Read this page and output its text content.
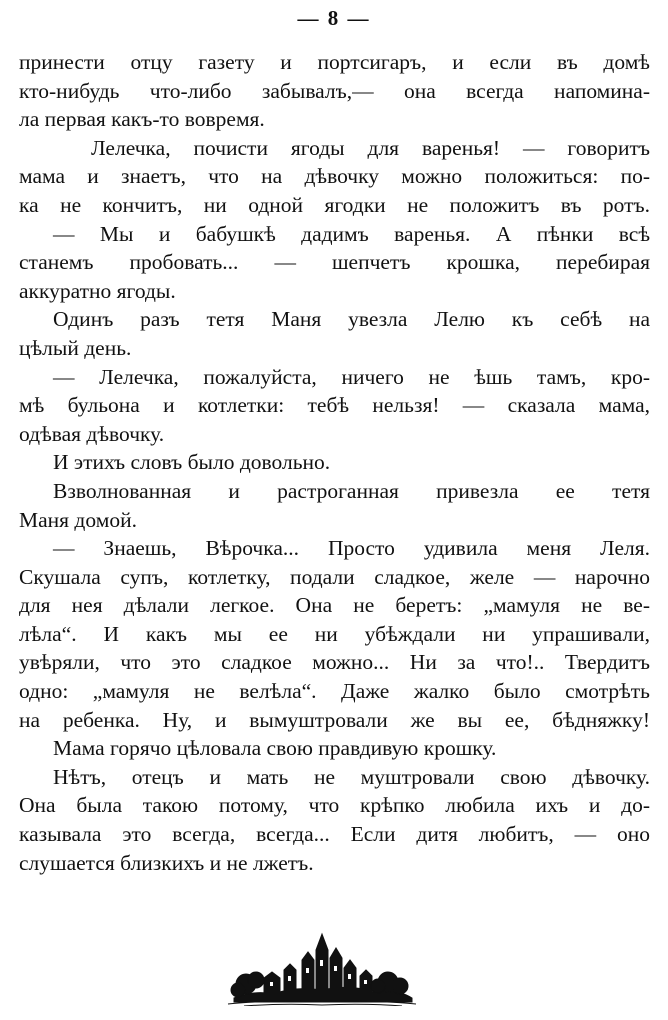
— 8 —
принести отцу газету и портсигаръ, и если въ домѣ
кто-нибудь что-либо забывалъ,— она всегда напомина-
ла первая какъ-то вовремя.
Лелечка, почисти ягоды для варенья! — говоритъ
мама и знаетъ, что на дѣвочку можно положиться: по-
ка не кончитъ, ни одной ягодки не положитъ въ ротъ.
— Мы и бабушкѣ дадимъ варенья. А пѣнки всѣ
станемъ пробовать... — шепчетъ крошка, перебирая
аккуратно ягоды.
Одинъ разъ тетя Маня увезла Лелю къ себѣ на
цѣлый день.
— Лелечка, пожалуйста, ничего не ѣшь тамъ, кро-
мѣ бульона и котлетки: тебѣ нельзя! — сказала мама,
одѣвая дѣвочку.
И этихъ словъ было довольно.
Взволнованная и растроганная привезла ее тетя
Маня домой.
— Знаешь, Вѣрочка... Просто удивила меня Леля.
Скушала супъ, котлетку, подали сладкое, желе — нарочно
для нея дѣлали легкое. Она не беретъ: „мамуля не ве-
лѣла“. И какъ мы ее ни убѣждали ни упрашивали,
увѣряли, что это сладкое можно... Ни за что!.. Твердитъ
одно: „мамуля не велѣла“. Даже жалко было смотрѣть
на ребенка. Ну, и вымуштровали же вы ее, бѣдняжку!
Мама горячо цѣловала свою правдивую крошку.
Нѣтъ, отецъ и мать не муштровали свою дѣвочку.
Она была такою потому, что крѣпко любила ихъ и до-
казывала это всегда, всегда... Если дитя любитъ, — оно
слушается близкихъ и не лжетъ.
